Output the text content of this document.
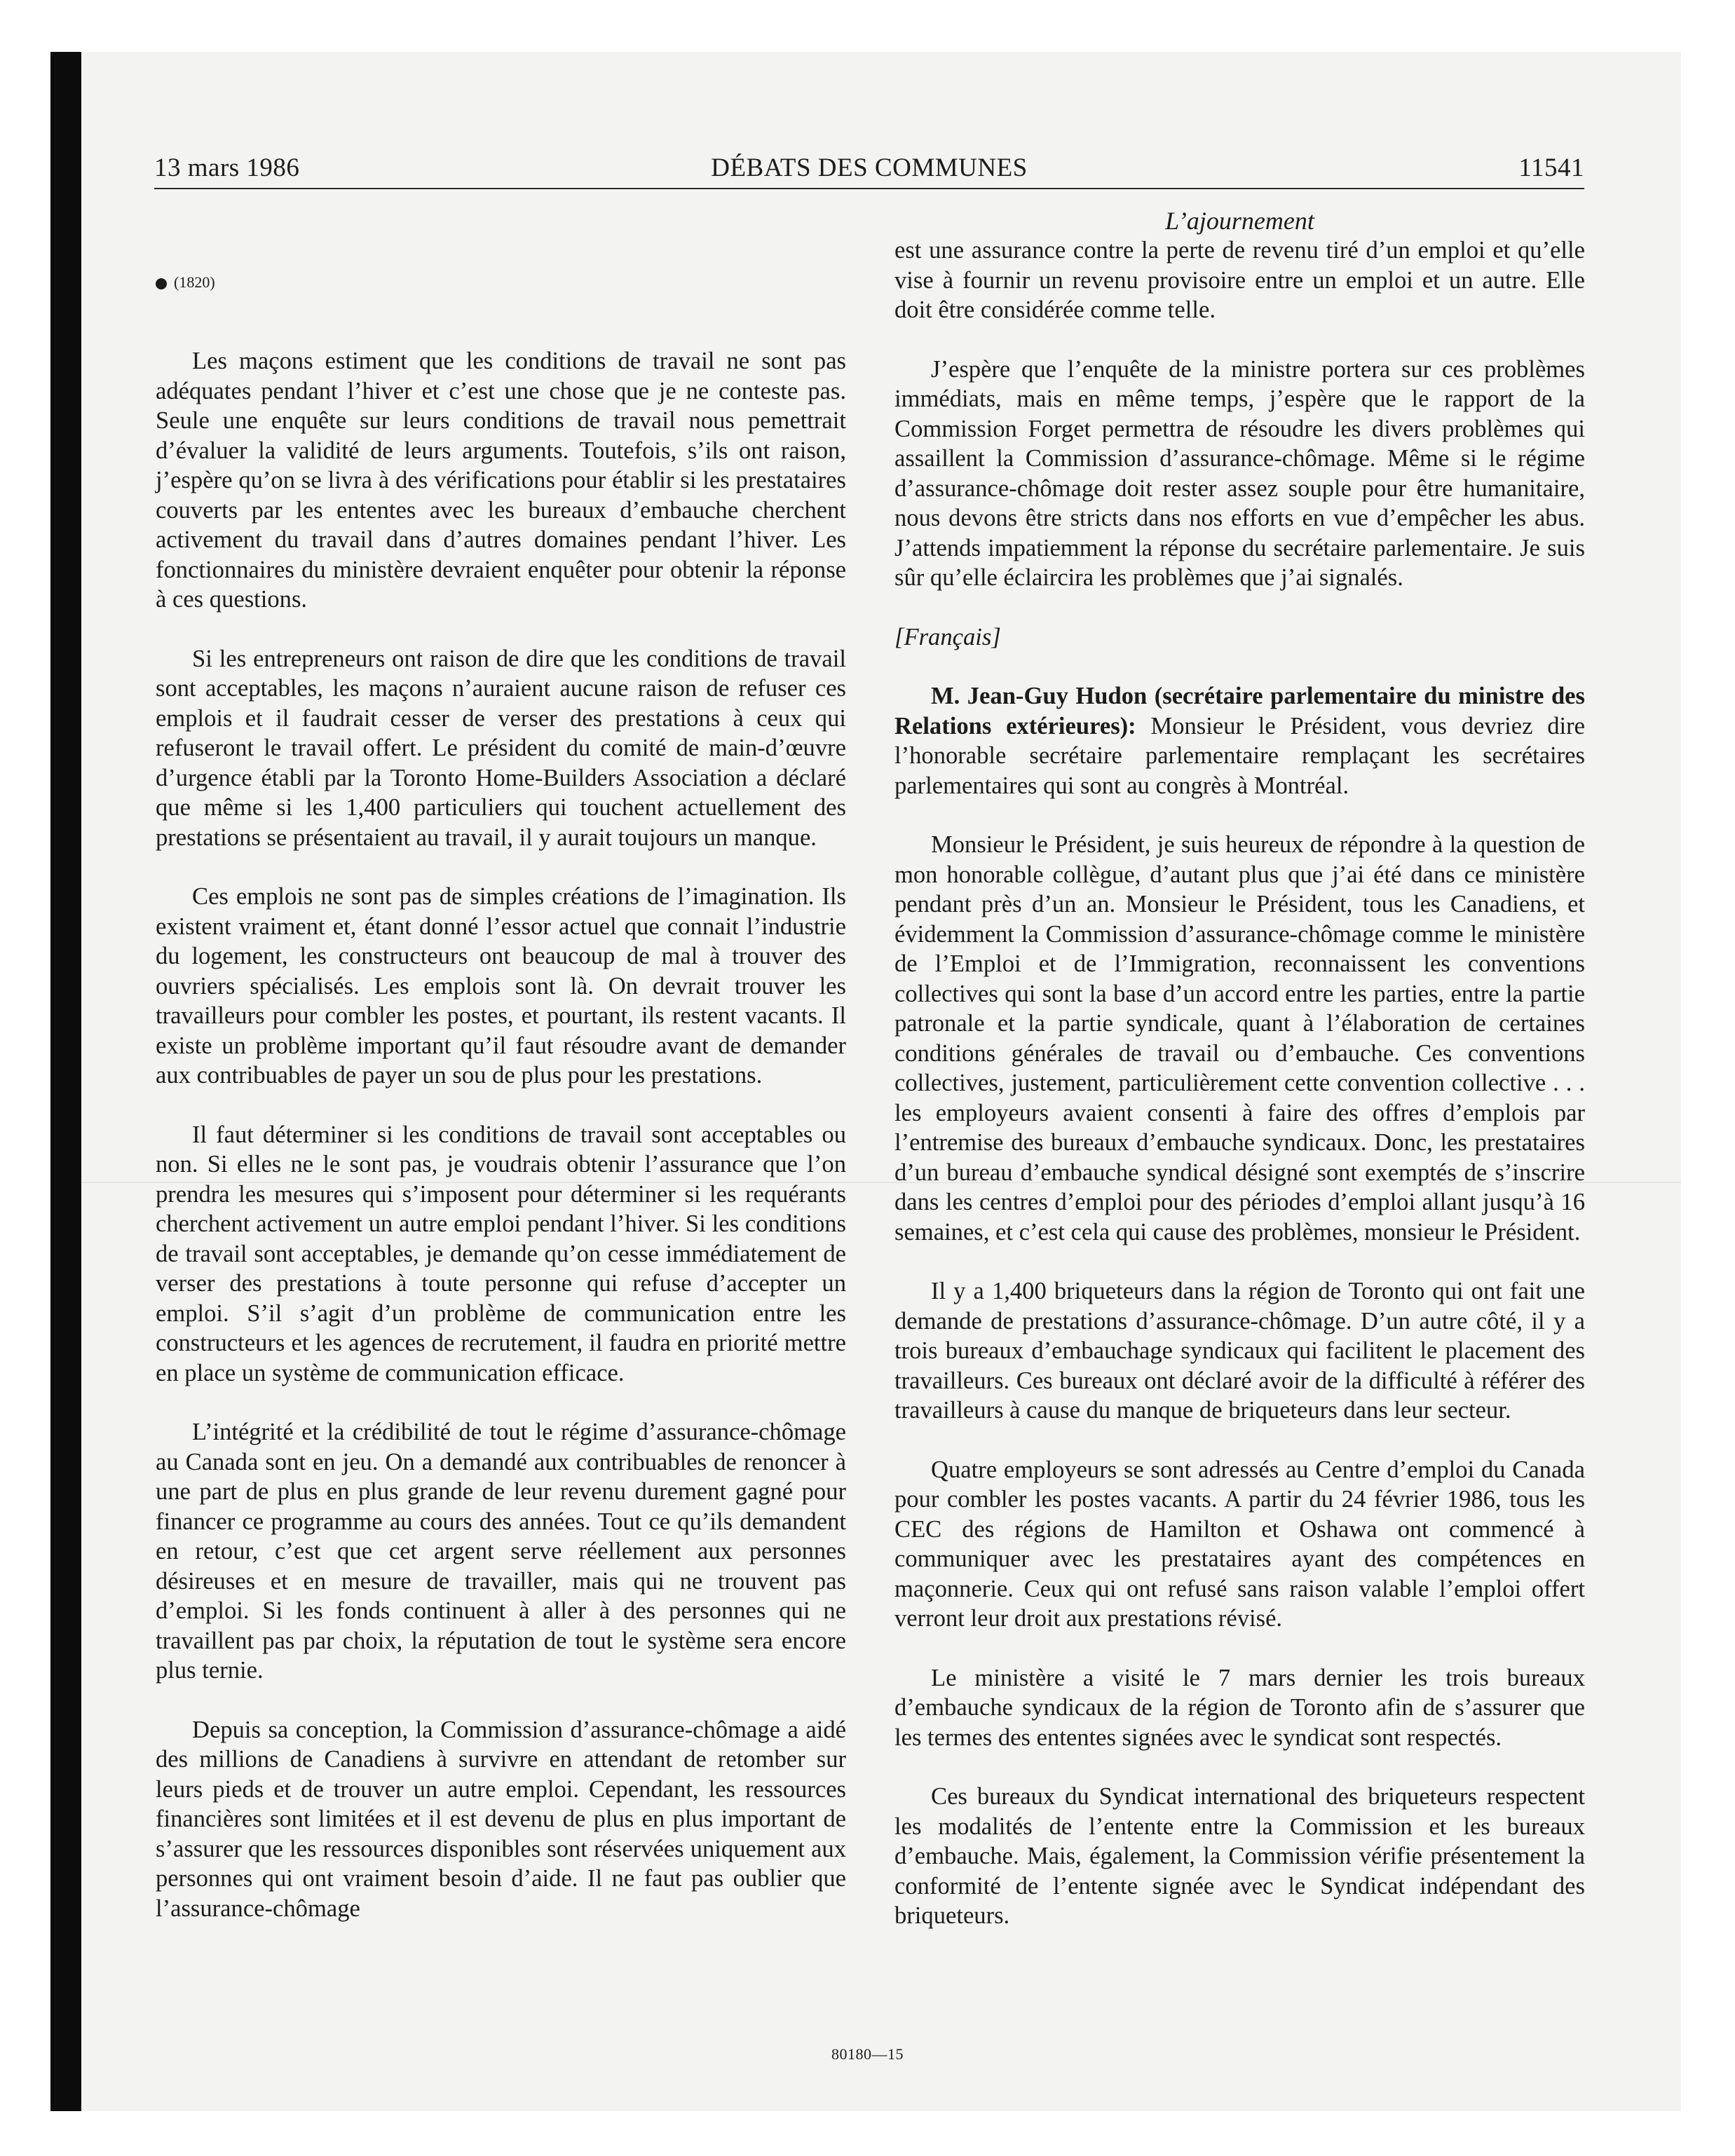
13 mars 1986	DÉBATS DES COMMUNES	11541
(1820)

Les maçons estiment que les conditions de travail ne sont pas adéquates pendant l’hiver et c’est une chose que je ne conteste pas. Seule une enquête sur leurs conditions de travail nous pemettrait d’évaluer la validité de leurs arguments. Toutefois, s’ils ont raison, j’espère qu’on se livra à des vérifications pour établir si les prestataires couverts par les ententes avec les bureaux d’embauche cherchent activement du travail dans d’autres domaines pendant l’hiver. Les fonctionnaires du ministère devraient enquêter pour obtenir la réponse à ces questions.

Si les entrepreneurs ont raison de dire que les conditions de travail sont acceptables, les maçons n’auraient aucune raison de refuser ces emplois et il faudrait cesser de verser des prestations à ceux qui refuseront le travail offert. Le président du comité de main-d’œuvre d’urgence établi par la Toronto Home-Builders Association a déclaré que même si les 1,400 particuliers qui touchent actuellement des prestations se présentaient au travail, il y aurait toujours un manque.

Ces emplois ne sont pas de simples créations de l’imagination. Ils existent vraiment et, étant donné l’essor actuel que connait l’industrie du logement, les constructeurs ont beaucoup de mal à trouver des ouvriers spécialisés. Les emplois sont là. On devrait trouver les travailleurs pour combler les postes, et pourtant, ils restent vacants. Il existe un problème important qu’il faut résoudre avant de demander aux contribuables de payer un sou de plus pour les prestations.

Il faut déterminer si les conditions de travail sont acceptables ou non. Si elles ne le sont pas, je voudrais obtenir l’assurance que l’on prendra les mesures qui s’imposent pour déterminer si les requérants cherchent activement un autre emploi pendant l’hiver. Si les conditions de travail sont acceptables, je demande qu’on cesse immédiatement de verser des prestations à toute personne qui refuse d’accepter un emploi. S’il s’agit d’un problème de communication entre les constructeurs et les agences de recrutement, il faudra en priorité mettre en place un système de communication efficace.

L’intégrité et la crédibilité de tout le régime d’assurance-chômage au Canada sont en jeu. On a demandé aux contribuables de renoncer à une part de plus en plus grande de leur revenu durement gagné pour financer ce programme au cours des années. Tout ce qu’ils demandent en retour, c’est que cet argent serve réellement aux personnes désireuses et en mesure de travailler, mais qui ne trouvent pas d’emploi. Si les fonds continuent à aller à des personnes qui ne travaillent pas par choix, la réputation de tout le système sera encore plus ternie.

Depuis sa conception, la Commission d’assurance-chômage a aidé des millions de Canadiens à survivre en attendant de retomber sur leurs pieds et de trouver un autre emploi. Cependant, les ressources financières sont limitées et il est devenu de plus en plus important de s’assurer que les ressources disponibles sont réservées uniquement aux personnes qui ont vraiment besoin d’aide. Il ne faut pas oublier que l’assurance-chômage

L’ajournement

est une assurance contre la perte de revenu tiré d’un emploi et qu’elle vise à fournir un revenu provisoire entre un emploi et un autre. Elle doit être considérée comme telle.

J’espère que l’enquête de la ministre portera sur ces problèmes immédiats, mais en même temps, j’espère que le rapport de la Commission Forget permettra de résoudre les divers problèmes qui assaillent la Commission d’assurance-chômage. Même si le régime d’assurance-chômage doit rester assez souple pour être humanitaire, nous devons être stricts dans nos efforts en vue d’empêcher les abus. J’attends impatiemment la réponse du secrétaire parlementaire. Je suis sûr qu’elle éclaircira les problèmes que j’ai signalés.

[Français]

M. Jean-Guy Hudon (secrétaire parlementaire du ministre des Relations extérieures): Monsieur le Président, vous devriez dire l’honorable secrétaire parlementaire remplaçant les secrétaires parlementaires qui sont au congrès à Montréal.

Monsieur le Président, je suis heureux de répondre à la question de mon honorable collègue, d’autant plus que j’ai été dans ce ministère pendant près d’un an. Monsieur le Président, tous les Canadiens, et évidemment la Commission d’assurance-chômage comme le ministère de l’Emploi et de l’Immigration, reconnaissent les conventions collectives qui sont la base d’un accord entre les parties, entre la partie patronale et la partie syndicale, quant à l’élaboration de certaines conditions générales de travail ou d’embauche. Ces conventions collectives, justement, particulièrement cette convention collective . . . les employeurs avaient consenti à faire des offres d’emplois par l’entremise des bureaux d’embauche syndicaux. Donc, les prestataires d’un bureau d’embauche syndical désigné sont exemptés de s’inscrire dans les centres d’emploi pour des périodes d’emploi allant jusqu’à 16 semaines, et c’est cela qui cause des problèmes, monsieur le Président.

Il y a 1,400 briqueteurs dans la région de Toronto qui ont fait une demande de prestations d’assurance-chômage. D’un autre côté, il y a trois bureaux d’embauchage syndicaux qui facilitent le placement des travailleurs. Ces bureaux ont déclaré avoir de la difficulté à référer des travailleurs à cause du manque de briqueteurs dans leur secteur.

Quatre employeurs se sont adressés au Centre d’emploi du Canada pour combler les postes vacants. A partir du 24 février 1986, tous les CEC des régions de Hamilton et Oshawa ont commencé à communiquer avec les prestataires ayant des compétences en maçonnerie. Ceux qui ont refusé sans raison valable l’emploi offert verront leur droit aux prestations révisé.

Le ministère a visité le 7 mars dernier les trois bureaux d’embauche syndicaux de la région de Toronto afin de s’assurer que les termes des ententes signées avec le syndicat sont respectés.

Ces bureaux du Syndicat international des briqueteurs respectent les modalités de l’entente entre la Commission et les bureaux d’embauche. Mais, également, la Commission vérifie présentement la conformité de l’entente signée avec le Syndicat indépendant des briqueteurs.

80180—15
